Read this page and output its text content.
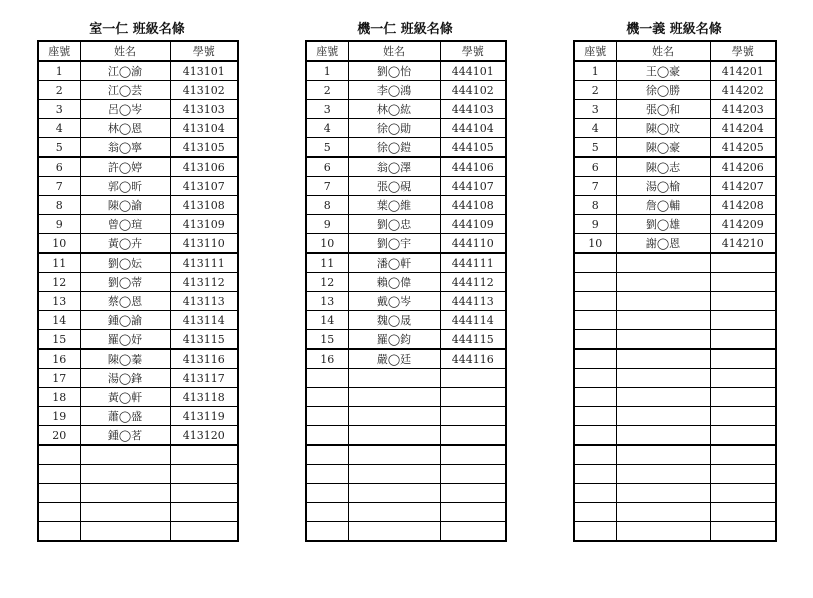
室一仁 班級名條
座號	姓名	學號
1	江◯渝	413101
2	江◯芸	413102
3	呂◯岑	413103
4	林◯恩	413104
5	翁◯寧	413105
6	許◯婷	413106
7	郭◯昕	413107
8	陳◯諭	413108
9	曾◯瑄	413109
10	黃◯卉	413110
11	劉◯妘	413111
12	劉◯蒂	413112
13	蔡◯恩	413113
14	鍾◯諭	413114
15	羅◯妤	413115
16	陳◯蓁	413116
17	湯◯鋒	413117
18	黃◯軒	413118
19	蕭◯盛	413119
20	鍾◯茗	413120

機一仁 班級名條
座號	姓名	學號
1	劉◯怡	444101
2	李◯鴻	444102
3	林◯紘	444103
4	徐◯勛	444104
5	徐◯鎧	444105
6	翁◯澤	444106
7	張◯硯	444107
8	葉◯維	444108
9	劉◯忠	444109
10	劉◯宇	444110
11	潘◯軒	444111
12	賴◯偉	444112
13	戴◯岑	444113
14	魏◯晟	444114
15	羅◯鈞	444115
16	嚴◯廷	444116

機一義 班級名條
座號	姓名	學號
1	王◯豪	414201
2	徐◯勝	414202
3	張◯和	414203
4	陳◯旼	414204
5	陳◯豪	414205
6	陳◯志	414206
7	湯◯榆	414207
8	詹◯輔	414208
9	劉◯雄	414209
10	謝◯恩	414210
